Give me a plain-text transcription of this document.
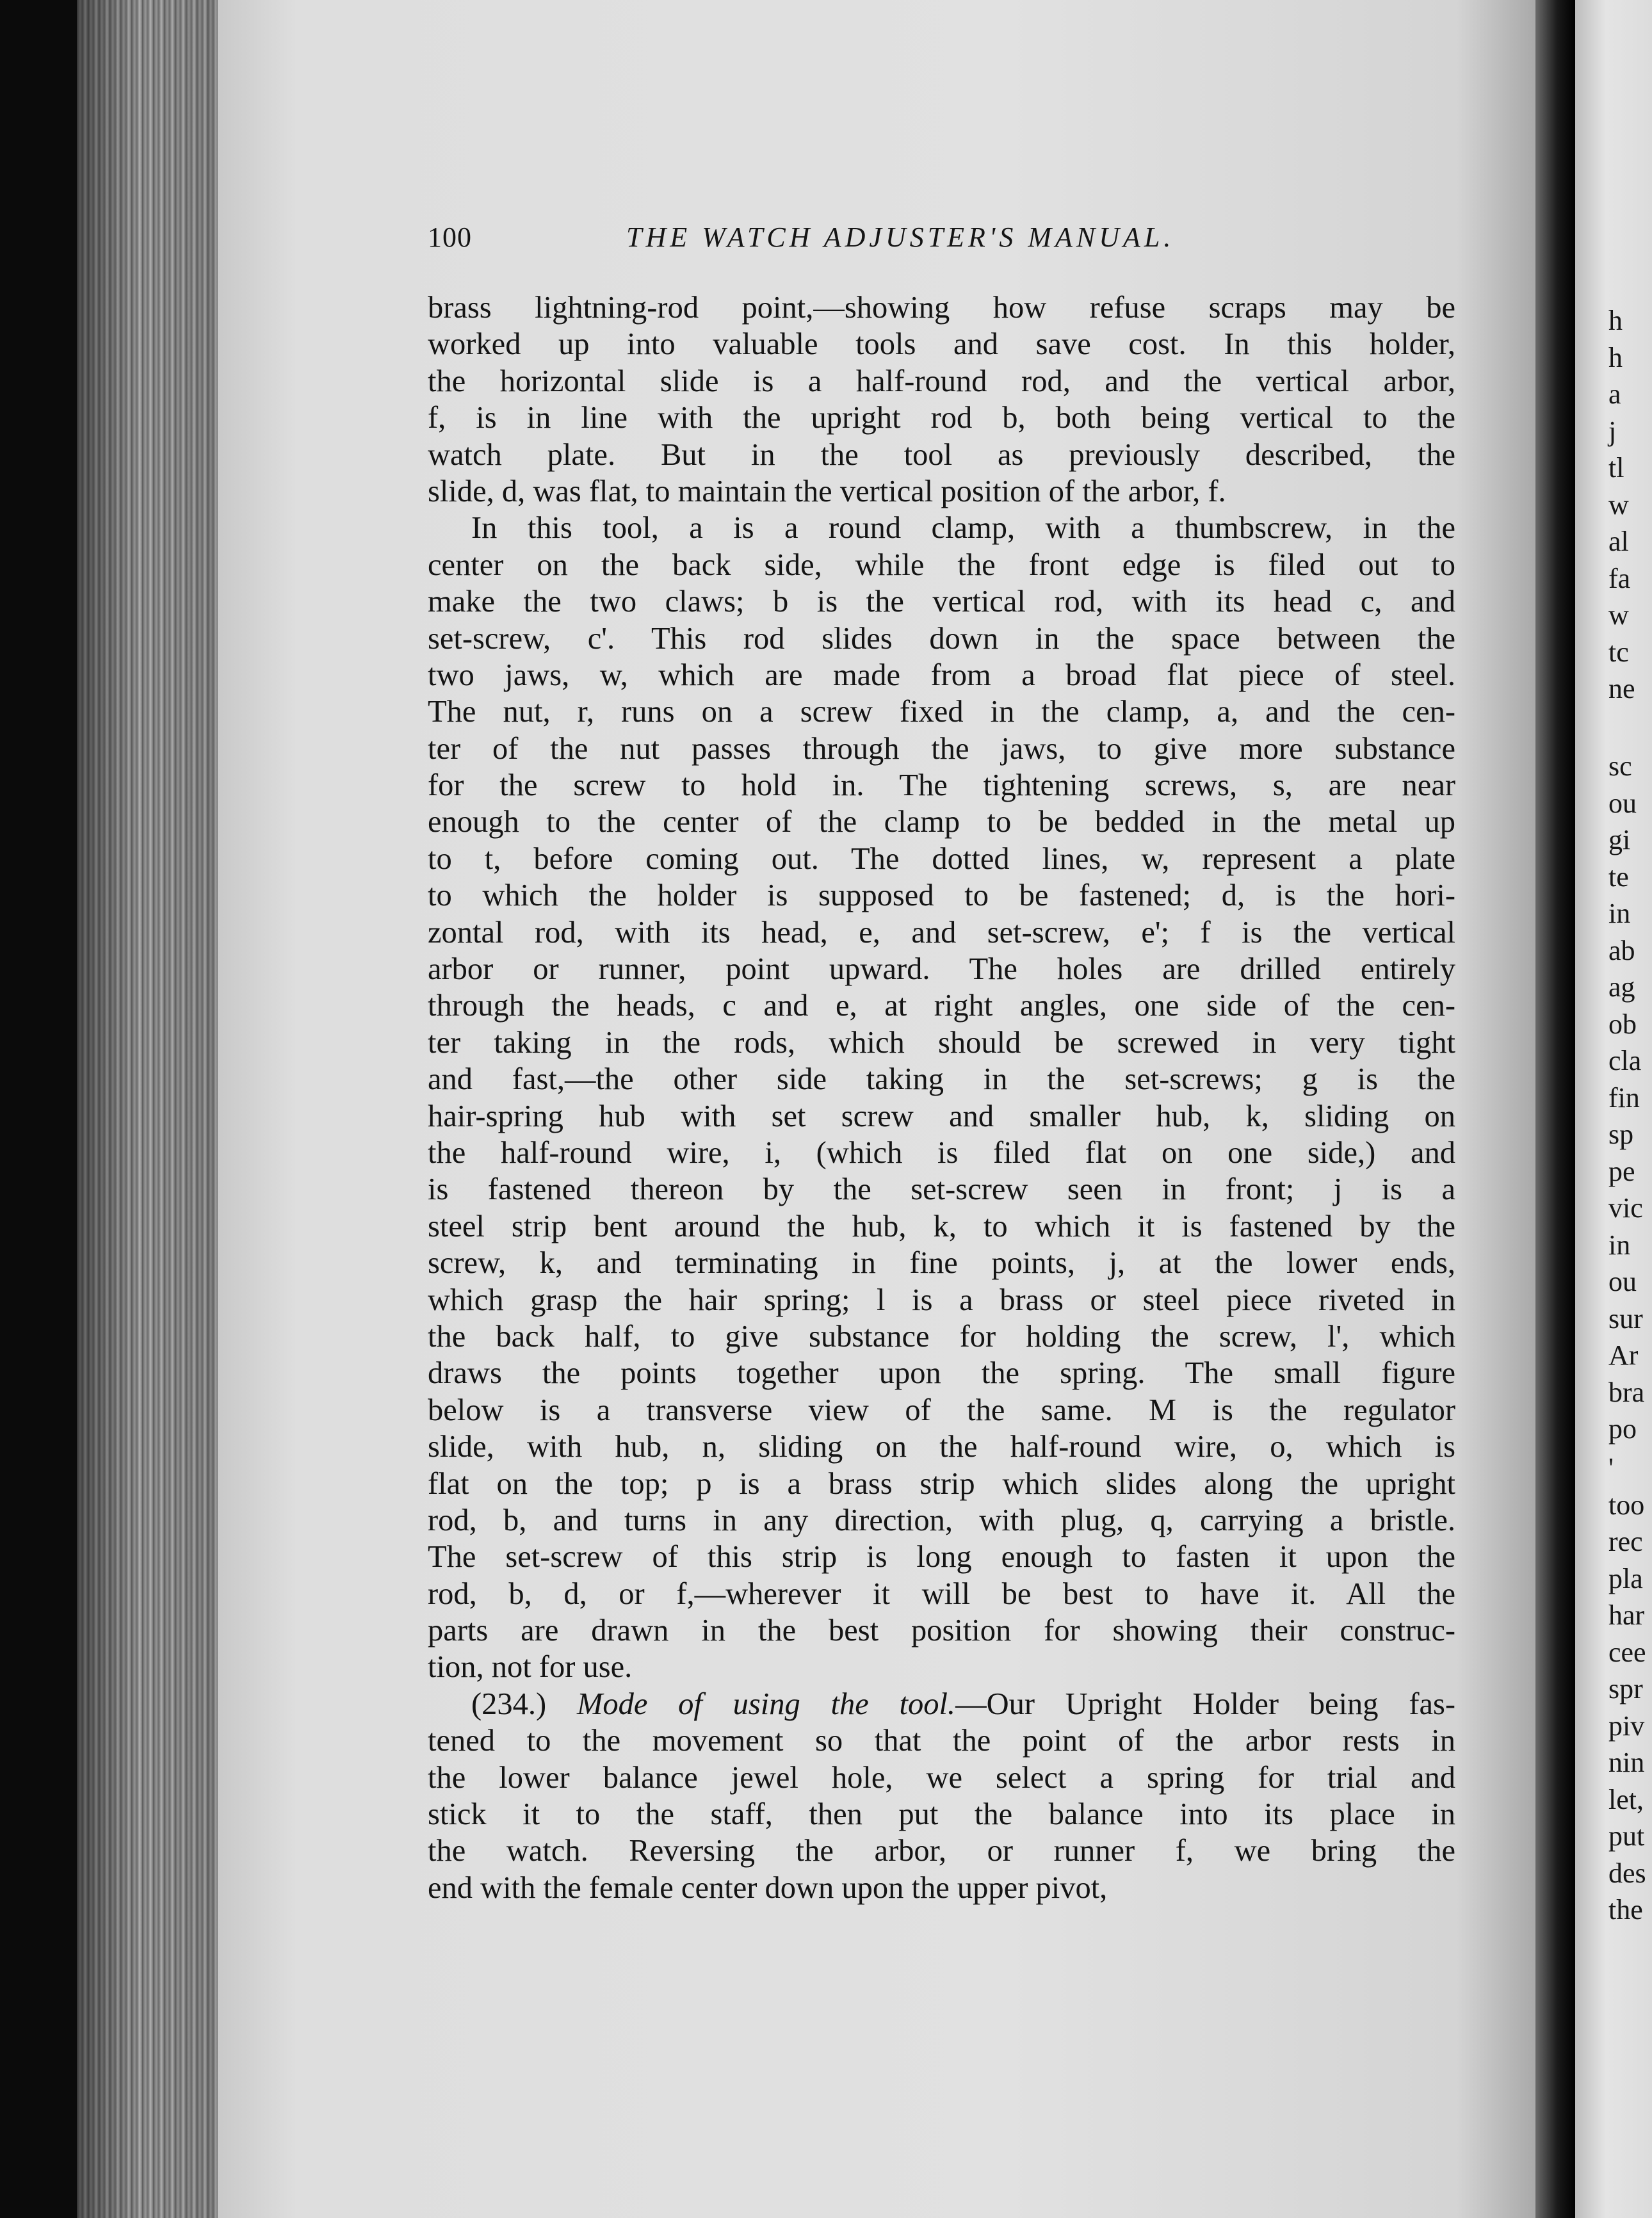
h
h
a
j
tl
w
al
fa
w
tc
ne
sc
ou
gi
te
in
ab
ag
ob
cla
fin
sp
pe
vic
in
ou
sur
Ar
bra
po
'
too
rec
pla
har
cee
spr
piv
nin
let,
put
des
the
100	THE WATCH ADJUSTER'S MANUAL.
brass lightning-rod point,—showing how refuse scraps may be
worked up into valuable tools and save cost. In this holder,
the horizontal slide is a half-round rod, and the vertical arbor,
f, is in line with the upright rod b, both being vertical to the
watch plate. But in the tool as previously described, the
slide, d, was flat, to maintain the vertical position of the arbor, f.
In this tool, a is a round clamp, with a thumbscrew, in the
center on the back side, while the front edge is filed out to
make the two claws; b is the vertical rod, with its head c, and
set-screw, c'. This rod slides down in the space between the
two jaws, w, which are made from a broad flat piece of steel.
The nut, r, runs on a screw fixed in the clamp, a, and the cen-
ter of the nut passes through the jaws, to give more substance
for the screw to hold in. The tightening screws, s, are near
enough to the center of the clamp to be bedded in the metal up
to t, before coming out. The dotted lines, w, represent a plate
to which the holder is supposed to be fastened; d, is the hori-
zontal rod, with its head, e, and set-screw, e'; f is the vertical
arbor or runner, point upward. The holes are drilled entirely
through the heads, c and e, at right angles, one side of the cen-
ter taking in the rods, which should be screwed in very tight
and fast,—the other side taking in the set-screws; g is the
hair-spring hub with set screw and smaller hub, k, sliding on
the half-round wire, i, (which is filed flat on one side,) and
is fastened thereon by the set-screw seen in front; j is a
steel strip bent around the hub, k, to which it is fastened by the
screw, k, and terminating in fine points, j, at the lower ends,
which grasp the hair spring; l is a brass or steel piece riveted in
the back half, to give substance for holding the screw, l', which
draws the points together upon the spring. The small figure
below is a transverse view of the same. M is the regulator
slide, with hub, n, sliding on the half-round wire, o, which is
flat on the top; p is a brass strip which slides along the upright
rod, b, and turns in any direction, with plug, q, carrying a bristle.
The set-screw of this strip is long enough to fasten it upon the
rod, b, d, or f,—wherever it will be best to have it. All the
parts are drawn in the best position for showing their construc-
tion, not for use.
(234.) Mode of using the tool.—Our Upright Holder being fas-
tened to the movement so that the point of the arbor rests in
the lower balance jewel hole, we select a spring for trial and
stick it to the staff, then put the balance into its place in
the watch. Reversing the arbor, or runner f, we bring the
end with the female center down upon the upper pivot,
